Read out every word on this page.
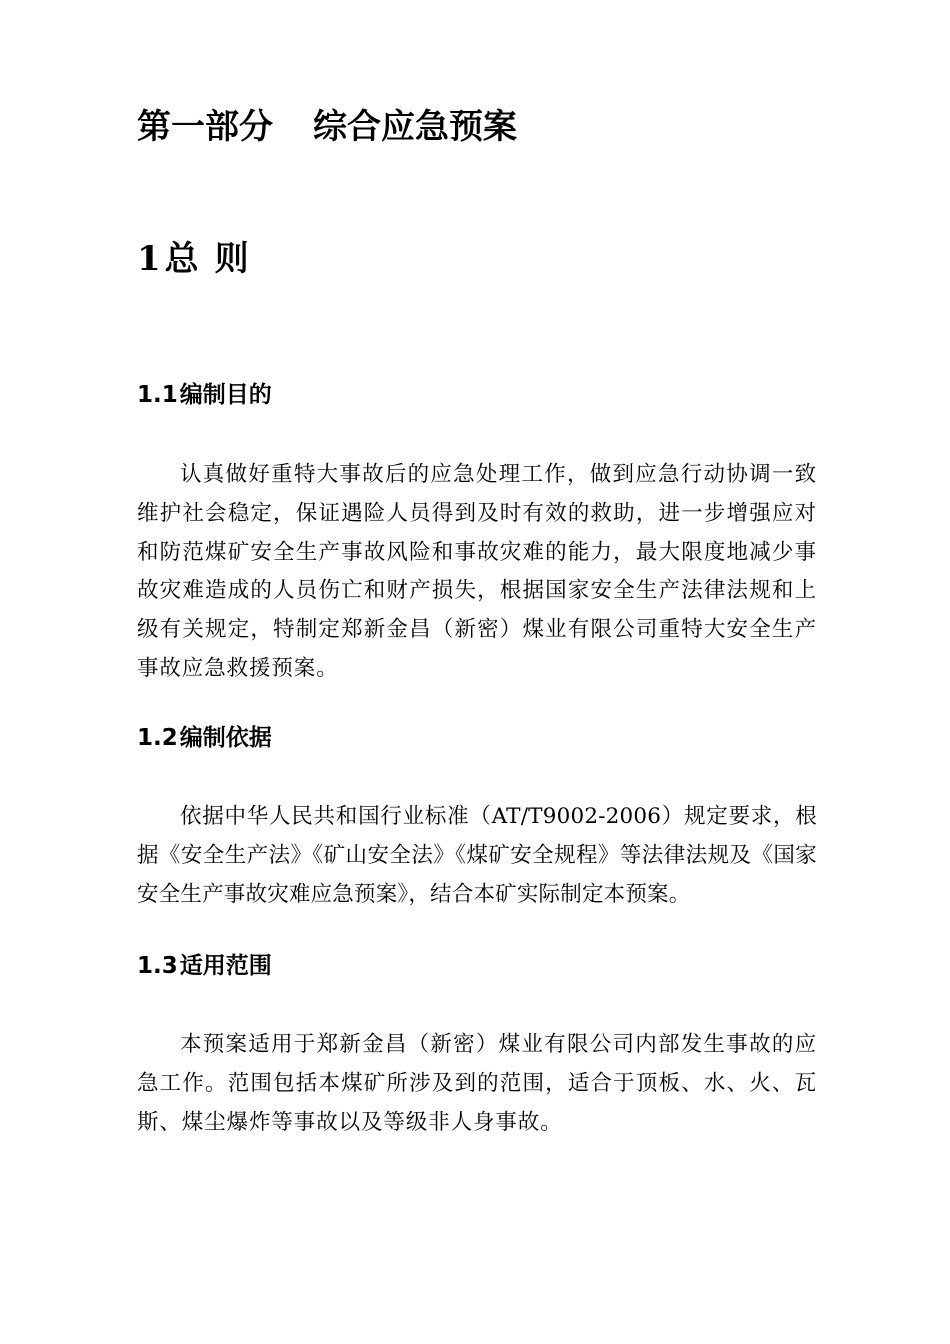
第一部分 综合应急预案
1 总 则
1.1编制目的

认真做好重特大事故后的应急处理工作，做到应急行动协调一致维护社会稳定，保证遇险人员得到及时有效的救助，进一步增强应对和防范煤矿安全生产事故风险和事故灾难的能力，最大限度地减少事故灾难造成的人员伤亡和财产损失，根据国家安全生产法律法规和上级有关规定，特制定郑新金昌（新密）煤业有限公司重特大安全生产事故应急救援预案。

1.2编制依据

依据中华人民共和国行业标准（AT/T9002-2006）规定要求，根据《安全生产法》《矿山安全法》《煤矿安全规程》等法律法规及《国家安全生产事故灾难应急预案》，结合本矿实际制定本预案。

1.3适用范围

本预案适用于郑新金昌（新密）煤业有限公司内部发生事故的应急工作。范围包括本煤矿所涉及到的范围，适合于顶板、水、火、瓦斯、煤尘爆炸等事故以及等级非人身事故。
